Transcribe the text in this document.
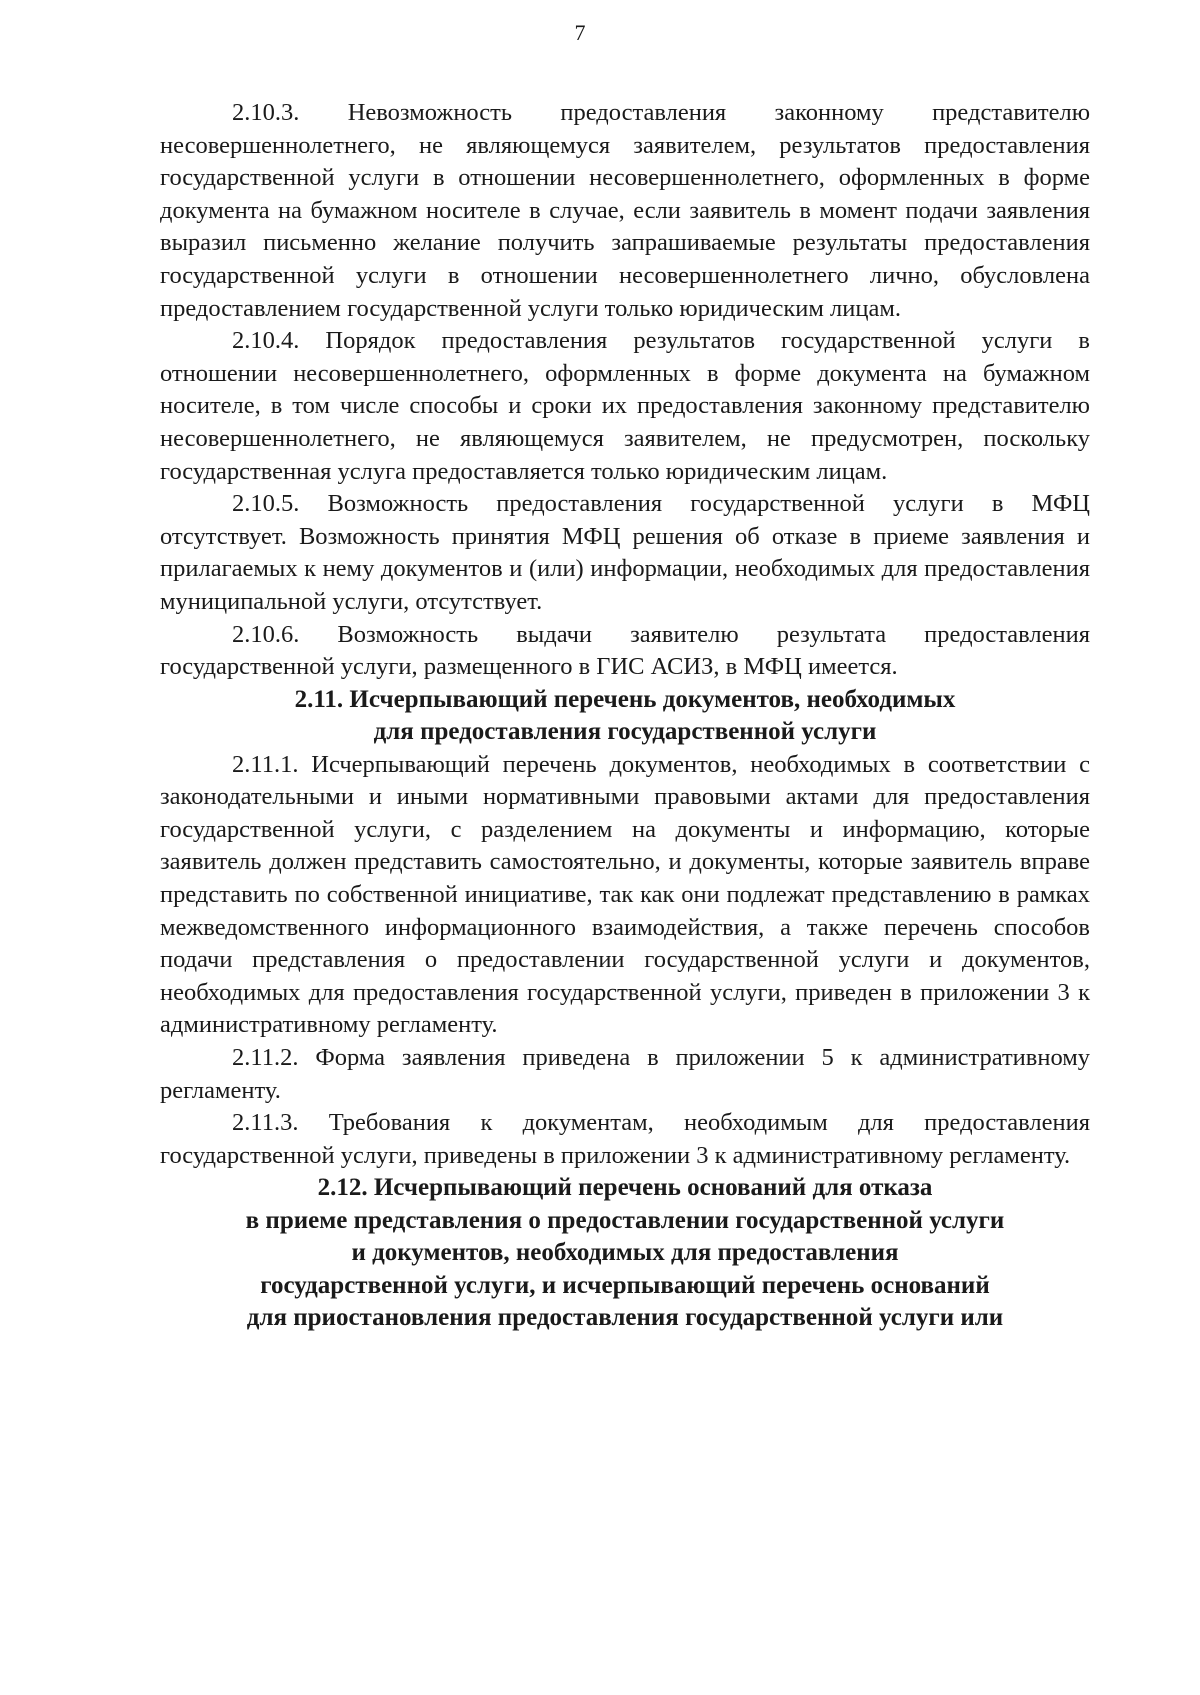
7

2.10.3. Невозможность предоставления законному представителю несовершеннолетнего, не являющемуся заявителем, результатов предоставления государственной услуги в отношении несовершеннолетнего, оформленных в форме документа на бумажном носителе в случае, если заявитель в момент подачи заявления выразил письменно желание получить запрашиваемые результаты предоставления государственной услуги в отношении несовершеннолетнего лично, обусловлена предоставлением государственной услуги только юридическим лицам.

2.10.4. Порядок предоставления результатов государственной услуги в отношении несовершеннолетнего, оформленных в форме документа на бумажном носителе, в том числе способы и сроки их предоставления законному представителю несовершеннолетнего, не являющемуся заявителем, не предусмотрен, поскольку государственная услуга предоставляется только юридическим лицам.

2.10.5. Возможность предоставления государственной услуги в МФЦ отсутствует. Возможность принятия МФЦ решения об отказе в приеме заявления и прилагаемых к нему документов и (или) информации, необходимых для предоставления муниципальной услуги, отсутствует.

2.10.6. Возможность выдачи заявителю результата предоставления государственной услуги, размещенного в ГИС АСИЗ, в МФЦ имеется.

2.11. Исчерпывающий перечень документов, необходимых
для предоставления государственной услуги

2.11.1. Исчерпывающий перечень документов, необходимых в соответствии с законодательными и иными нормативными правовыми актами для предоставления государственной услуги, с разделением на документы и информацию, которые заявитель должен представить самостоятельно, и документы, которые заявитель вправе представить по собственной инициативе, так как они подлежат представлению в рамках межведомственного информационного взаимодействия, а также перечень способов подачи представления о предоставлении государственной услуги и документов, необходимых для предоставления государственной услуги, приведен в приложении 3 к административному регламенту.

2.11.2. Форма заявления приведена в приложении 5 к административному регламенту.

2.11.3. Требования к документам, необходимым для предоставления государственной услуги, приведены в приложении 3 к административному регламенту.

2.12. Исчерпывающий перечень оснований для отказа
в приеме представления о предоставлении государственной услуги
и документов, необходимых для предоставления
государственной услуги, и исчерпывающий перечень оснований
для приостановления предоставления государственной услуги или
